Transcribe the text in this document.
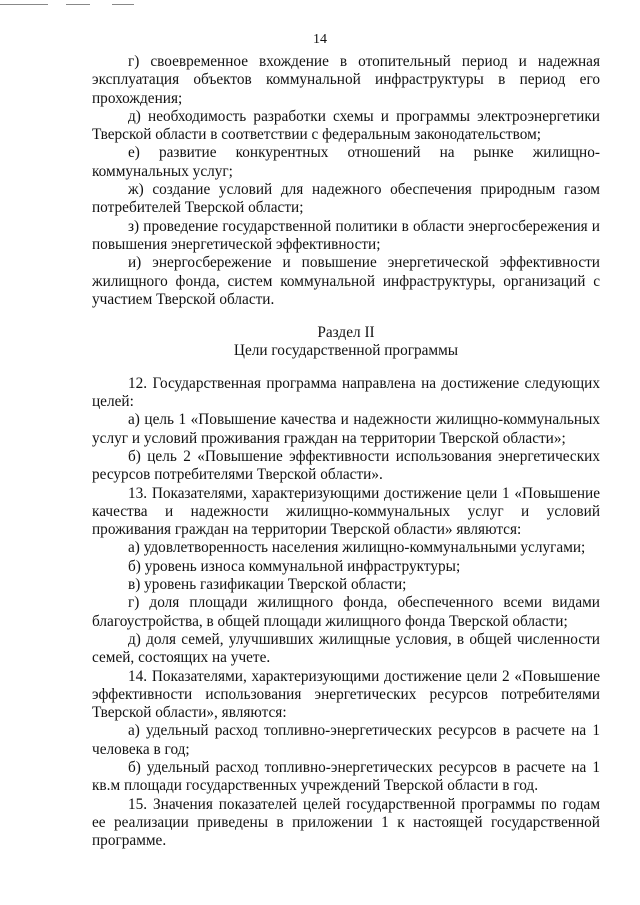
14

г) своевременное вхождение в отопительный период и надежная эксплуатация объектов коммунальной инфраструктуры в период его прохождения;

д) необходимость разработки схемы и программы электроэнергетики Тверской области в соответствии с федеральным законодательством;

е) развитие конкурентных отношений на рынке жилищно-коммунальных услуг;

ж) создание условий для надежного обеспечения природным газом потребителей Тверской области;

з) проведение государственной политики в области энергосбережения и повышения энергетической эффективности;

и) энергосбережение и повышение энергетической эффективности жилищного фонда, систем коммунальной инфраструктуры, организаций с участием Тверской области.

Раздел II

Цели государственной программы

12. Государственная программа направлена на достижение следующих целей:

а) цель 1 «Повышение качества и надежности жилищно-коммунальных услуг и условий проживания граждан на территории Тверской области»;

б) цель 2 «Повышение эффективности использования энергетических ресурсов потребителями Тверской области».

13. Показателями, характеризующими достижение цели 1 «Повышение качества и надежности жилищно-коммунальных услуг и условий проживания граждан на территории Тверской области» являются:

а) удовлетворенность населения жилищно-коммунальными услугами;

б) уровень износа коммунальной инфраструктуры;

в) уровень газификации Тверской области;

г) доля площади жилищного фонда, обеспеченного всеми видами благоустройства, в общей площади жилищного фонда Тверской области;

д) доля семей, улучшивших жилищные условия, в общей численности семей, состоящих на учете.

14. Показателями, характеризующими достижение цели 2 «Повышение эффективности использования энергетических ресурсов потребителями Тверской области», являются:

а) удельный расход топливно-энергетических ресурсов в расчете на 1 человека в год;

б) удельный расход топливно-энергетических ресурсов в расчете на 1 кв.м площади государственных учреждений Тверской области в год.

15. Значения показателей целей государственной программы по годам ее реализации приведены в приложении 1 к настоящей государственной программе.
